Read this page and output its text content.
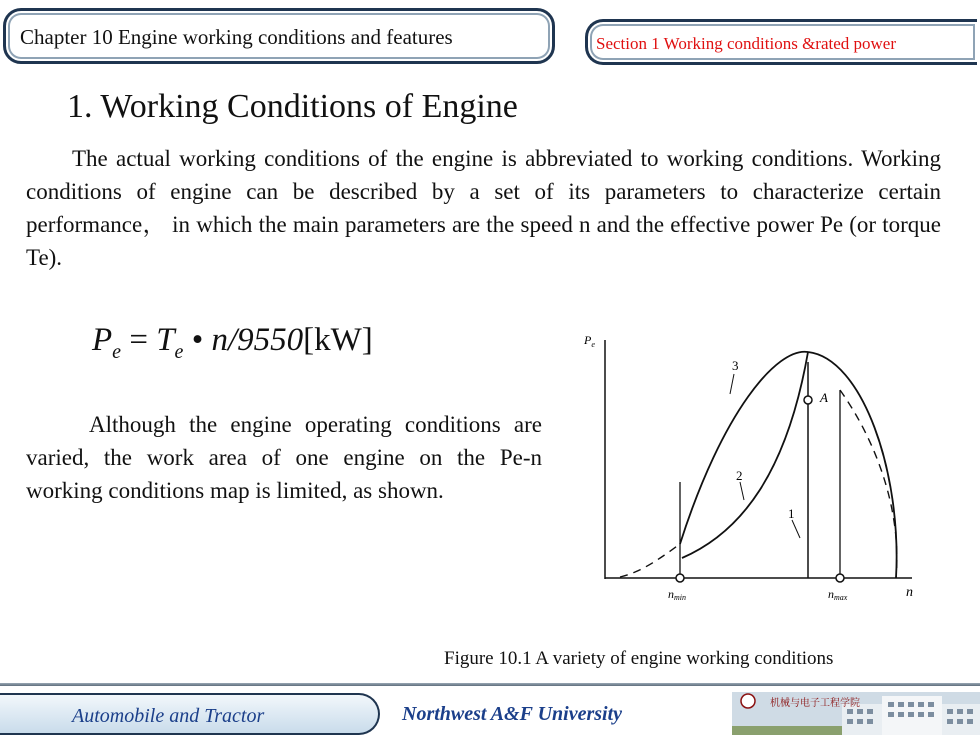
Chapter 10 Engine working conditions and features	Section 1 Working conditions &rated power
1. Working Conditions of Engine

The actual working conditions of the engine is abbreviated to working conditions. Working conditions of engine can be described by a set of its parameters to characterize certain performance， in which the main parameters are the speed n and the effective power Pe (or torque Te).

$P_e = T_e$ • n/9550[kW]

Although the engine operating conditions are varied, the work area of one engine on the Pe-n working conditions map is limited, as shown.

$P_e$
n
nmin	nmax
1
2
3
A
Figure 10.1 A variety of engine working conditions
Automobile and Tractor	Northwest A&F University	机械与电子工程学院
